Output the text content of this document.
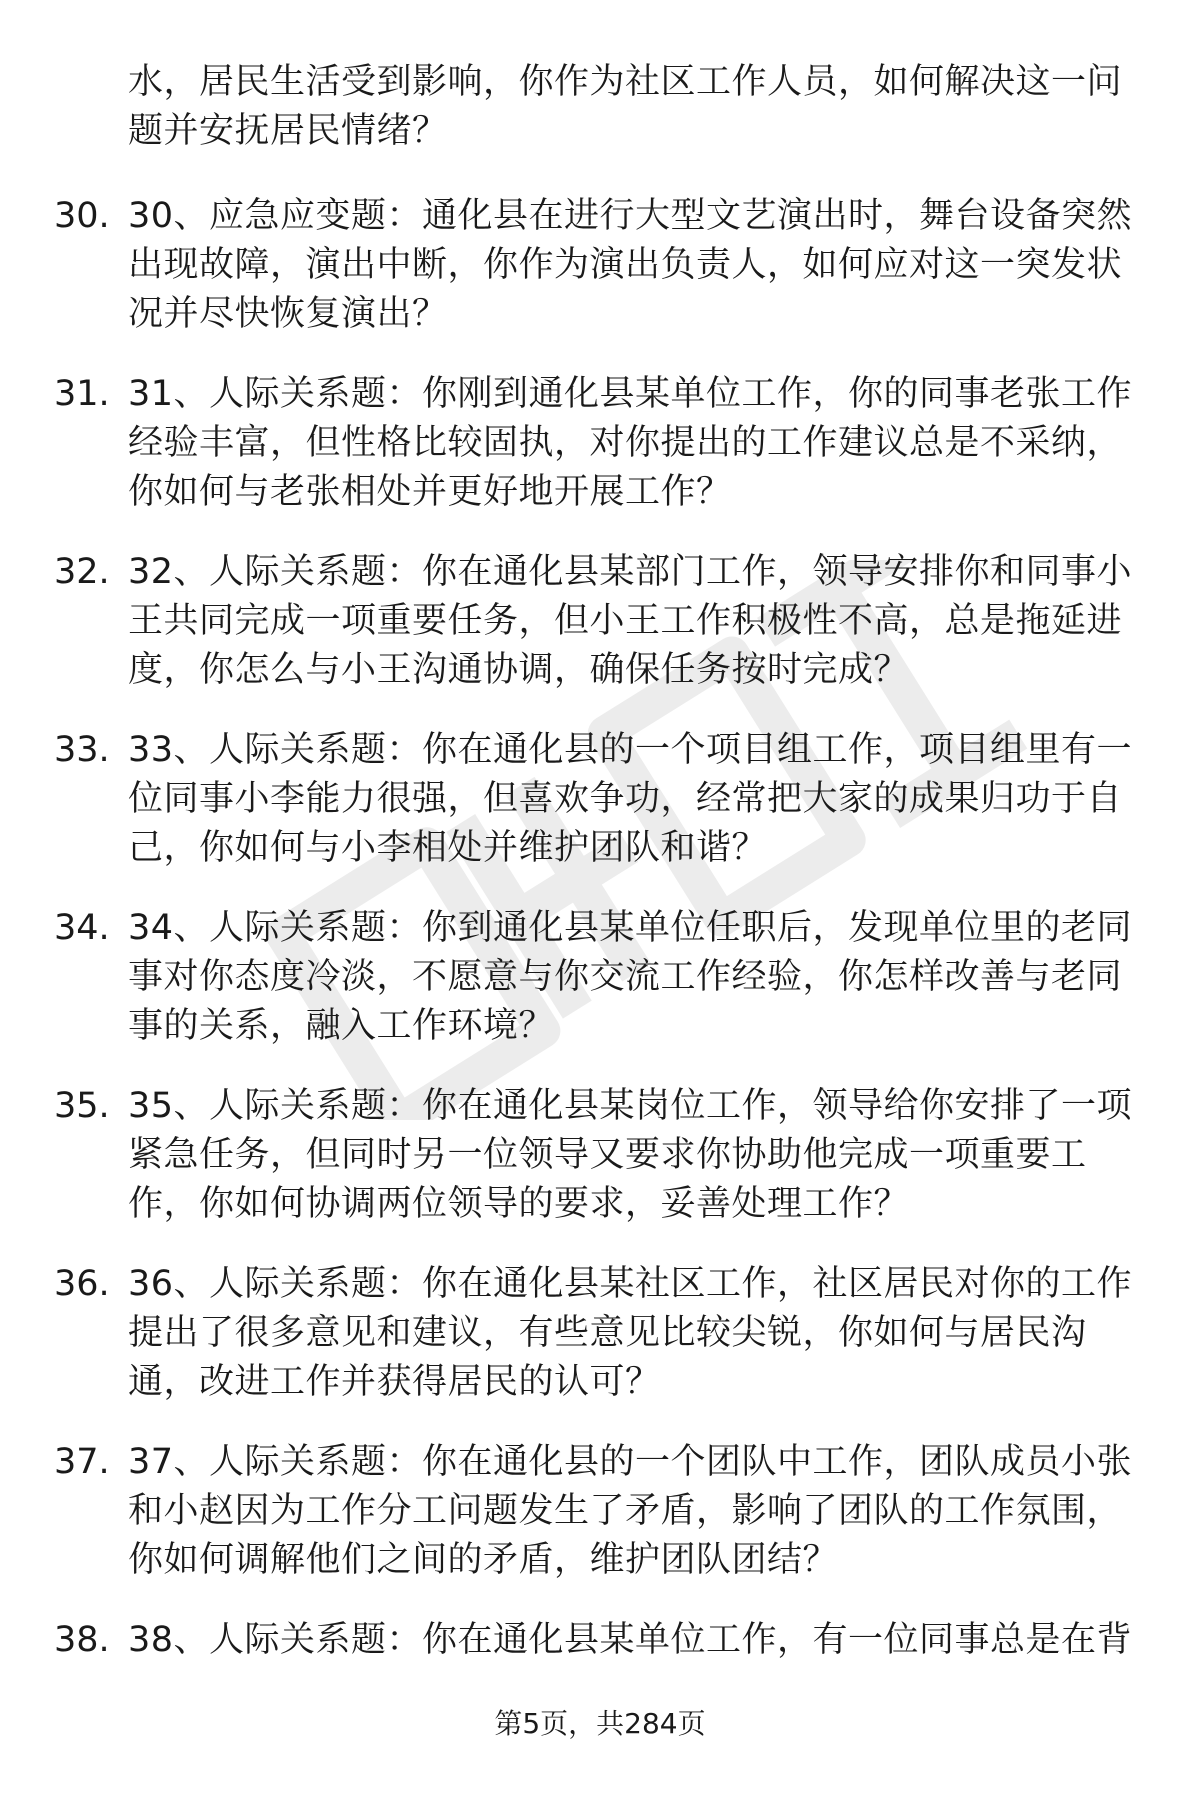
水，居民生活受到影响，你作为社区工作人员，如何解决这一问题并安抚居民情绪？
30. 30、应急应变题：通化县在进行大型文艺演出时，舞台设备突然出现故障，演出中断，你作为演出负责人，如何应对这一突发状况并尽快恢复演出？

31. 31、人际关系题：你刚到通化县某单位工作，你的同事老张工作经验丰富，但性格比较固执，对你提出的工作建议总是不采纳，你如何与老张相处并更好地开展工作？

32. 32、人际关系题：你在通化县某部门工作，领导安排你和同事小王共同完成一项重要任务，但小王工作积极性不高，总是拖延进度，你怎么与小王沟通协调，确保任务按时完成？

33. 33、人际关系题：你在通化县的一个项目组工作，项目组里有一位同事小李能力很强，但喜欢争功，经常把大家的成果归功于自己，你如何与小李相处并维护团队和谐？

34. 34、人际关系题：你到通化县某单位任职后，发现单位里的老同事对你态度冷淡，不愿意与你交流工作经验，你怎样改善与老同事的关系，融入工作环境？

35. 35、人际关系题：你在通化县某岗位工作，领导给你安排了一项紧急任务，但同时另一位领导又要求你协助他完成一项重要工作，你如何协调两位领导的要求，妥善处理工作？

36. 36、人际关系题：你在通化县某社区工作，社区居民对你的工作提出了很多意见和建议，有些意见比较尖锐，你如何与居民沟通，改进工作并获得居民的认可？

37. 37、人际关系题：你在通化县的一个团队中工作，团队成员小张和小赵因为工作分工问题发生了矛盾，影响了团队的工作氛围，你如何调解他们之间的矛盾，维护团队团结？

38. 38、人际关系题：你在通化县某单位工作，有一位同事总是在背

第5页，共284页
